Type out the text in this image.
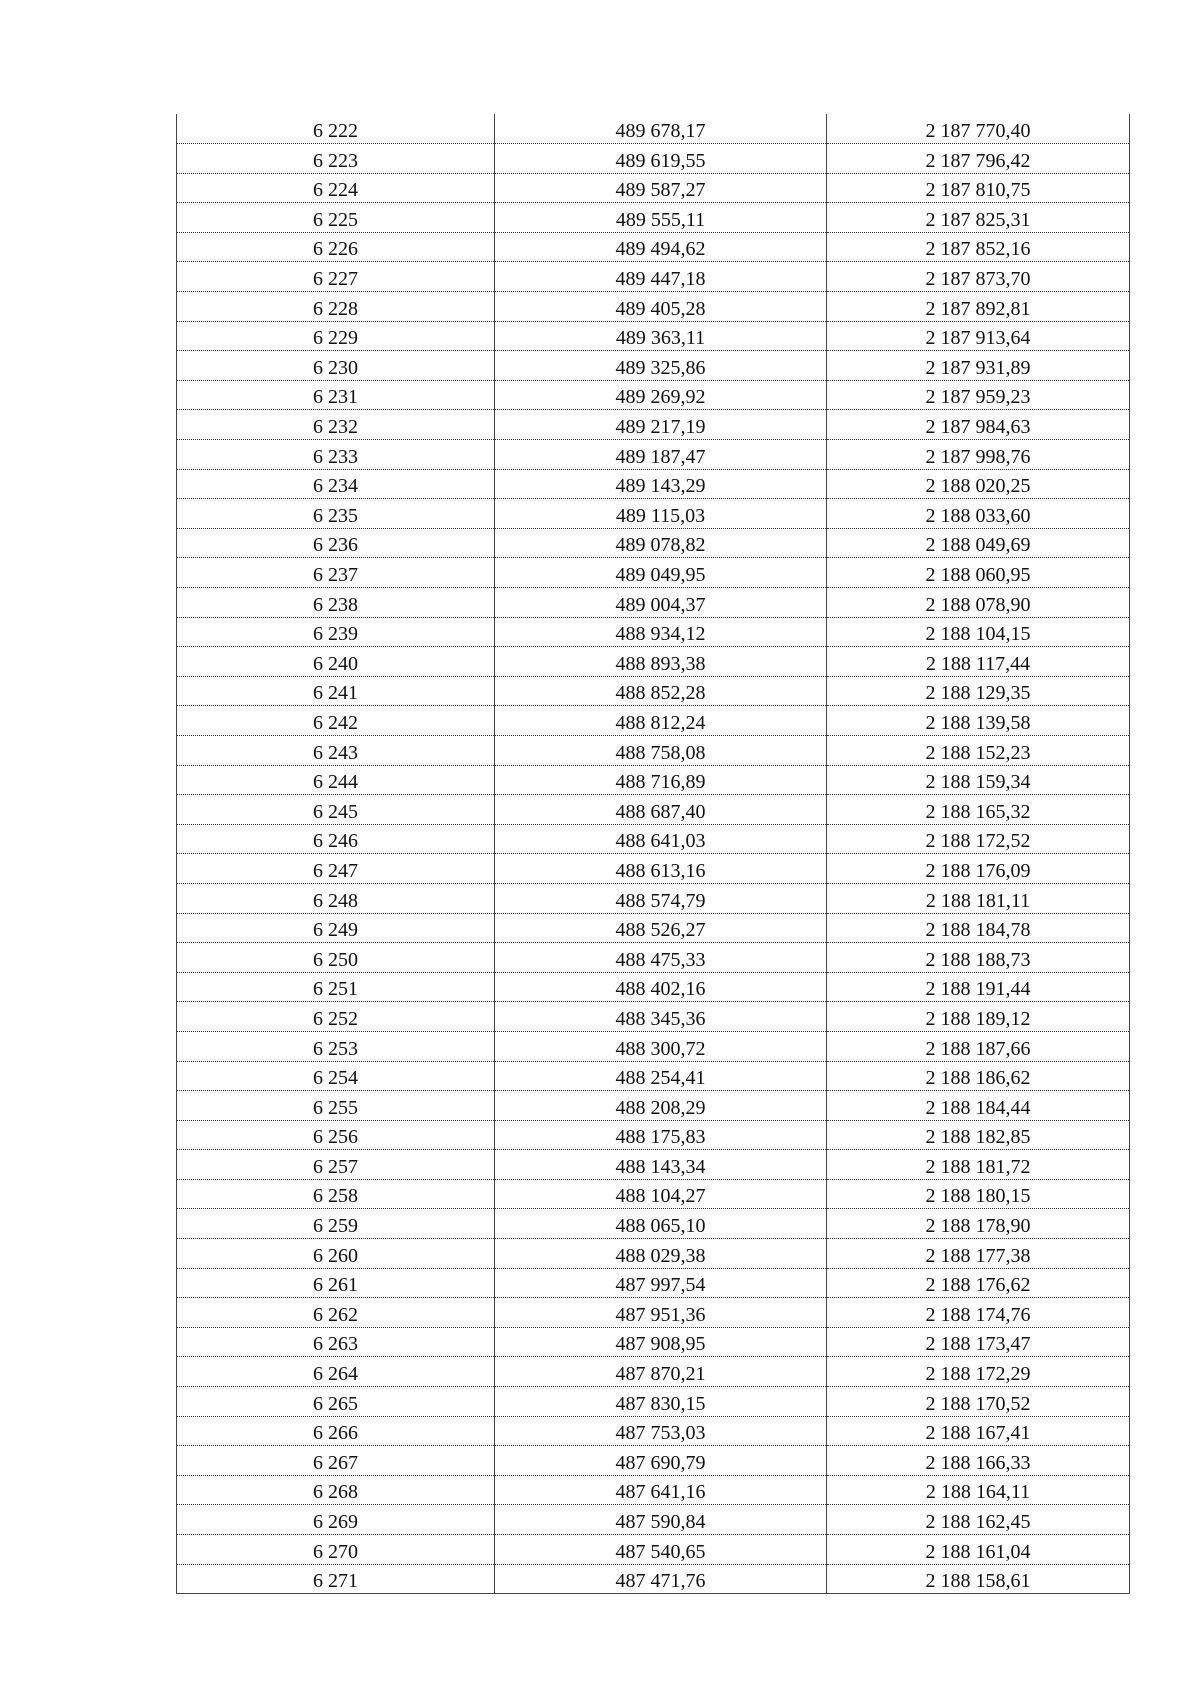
6 222	489 678,17	2 187 770,40
6 223	489 619,55	2 187 796,42
6 224	489 587,27	2 187 810,75
6 225	489 555,11	2 187 825,31
6 226	489 494,62	2 187 852,16
6 227	489 447,18	2 187 873,70
6 228	489 405,28	2 187 892,81
6 229	489 363,11	2 187 913,64
6 230	489 325,86	2 187 931,89
6 231	489 269,92	2 187 959,23
6 232	489 217,19	2 187 984,63
6 233	489 187,47	2 187 998,76
6 234	489 143,29	2 188 020,25
6 235	489 115,03	2 188 033,60
6 236	489 078,82	2 188 049,69
6 237	489 049,95	2 188 060,95
6 238	489 004,37	2 188 078,90
6 239	488 934,12	2 188 104,15
6 240	488 893,38	2 188 117,44
6 241	488 852,28	2 188 129,35
6 242	488 812,24	2 188 139,58
6 243	488 758,08	2 188 152,23
6 244	488 716,89	2 188 159,34
6 245	488 687,40	2 188 165,32
6 246	488 641,03	2 188 172,52
6 247	488 613,16	2 188 176,09
6 248	488 574,79	2 188 181,11
6 249	488 526,27	2 188 184,78
6 250	488 475,33	2 188 188,73
6 251	488 402,16	2 188 191,44
6 252	488 345,36	2 188 189,12
6 253	488 300,72	2 188 187,66
6 254	488 254,41	2 188 186,62
6 255	488 208,29	2 188 184,44
6 256	488 175,83	2 188 182,85
6 257	488 143,34	2 188 181,72
6 258	488 104,27	2 188 180,15
6 259	488 065,10	2 188 178,90
6 260	488 029,38	2 188 177,38
6 261	487 997,54	2 188 176,62
6 262	487 951,36	2 188 174,76
6 263	487 908,95	2 188 173,47
6 264	487 870,21	2 188 172,29
6 265	487 830,15	2 188 170,52
6 266	487 753,03	2 188 167,41
6 267	487 690,79	2 188 166,33
6 268	487 641,16	2 188 164,11
6 269	487 590,84	2 188 162,45
6 270	487 540,65	2 188 161,04
6 271	487 471,76	2 188 158,61
